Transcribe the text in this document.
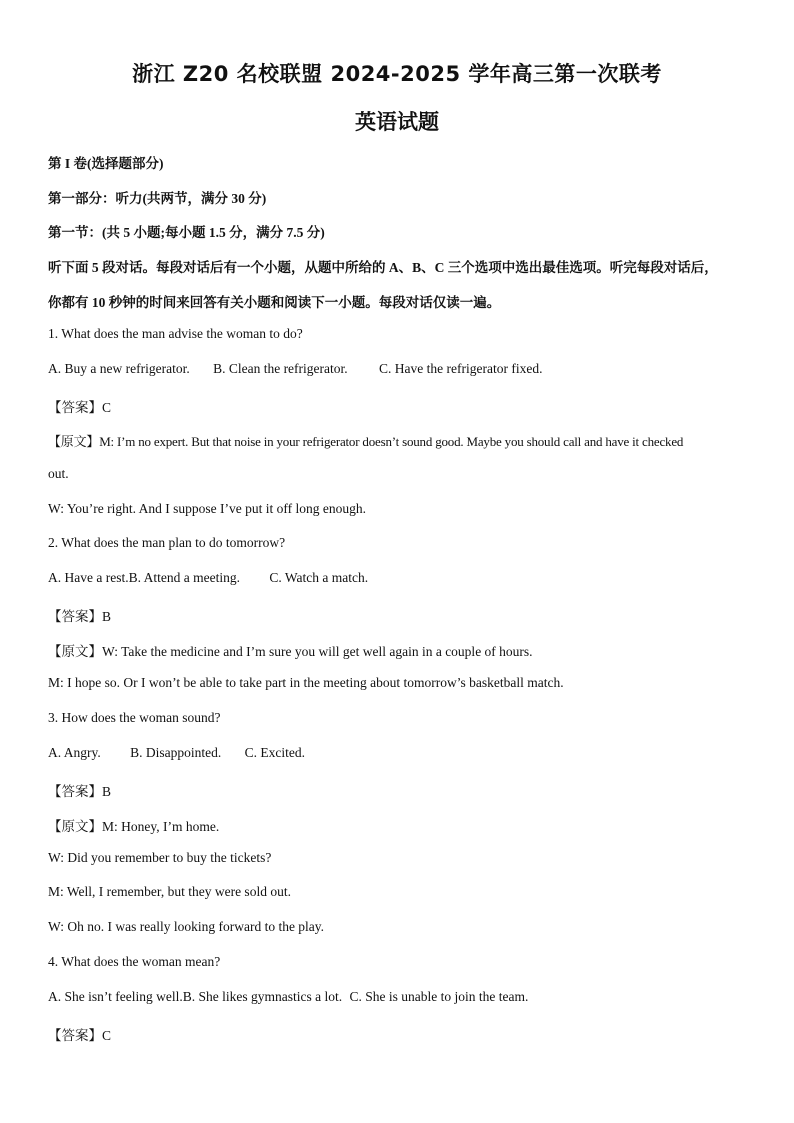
浙江 Z20 名校联盟 2024-2025 学年高三第一次联考
英语试题
第 I 卷(选择题部分)
第一部分：听力(共两节，满分 30 分)
第一节：(共 5 小题;每小题 1.5 分，满分 7.5 分)
听下面 5 段对话。每段对话后有一个小题，从题中所给的 A、B、C 三个选项中选出最佳选项。听完每段对话后，
你都有 10 秒钟的时间来回答有关小题和阅读下一小题。每段对话仅读一遍。
1. What does the man advise the woman to do?
A. Buy a new refrigerator. B. Clean the refrigerator. C. Have the refrigerator fixed.
【答案】C
【原文】M: I’m no expert. But that noise in your refrigerator doesn’t sound good. Maybe you should call and have it checked
out.
W: You’re right. And I suppose I’ve put it off long enough.
2. What does the man plan to do tomorrow?
A. Have a rest.B. Attend a meeting. C. Watch a match.
【答案】B
【原文】W: Take the medicine and I’m sure you will get well again in a couple of hours.
M: I hope so. Or I won’t be able to take part in the meeting about tomorrow’s basketball match.
3. How does the woman sound?
A. Angry. B. Disappointed. C. Excited.
【答案】B
【原文】M: Honey, I’m home.
W: Did you remember to buy the tickets?
M: Well, I remember, but they were sold out.
W: Oh no. I was really looking forward to the play.
4. What does the woman mean?
A. She isn’t feeling well.B. She likes gymnastics a lot. C. She is unable to join the team.
【答案】C
